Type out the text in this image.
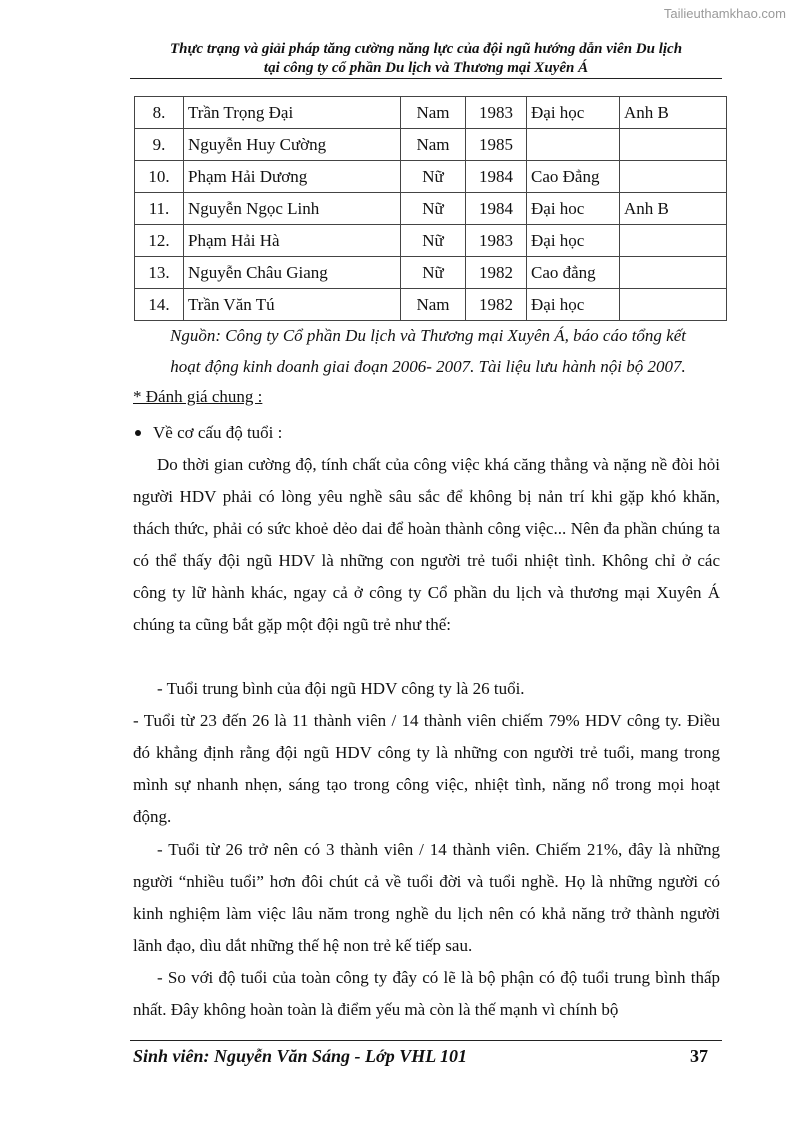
Tailieuthamkhao.com
Thực trạng và giải pháp tăng cường năng lực của đội ngũ hướng dẫn viên Du lịch
tại công ty cổ phần Du lịch và Thương mại Xuyên Á
8.	Trần Trọng Đại	Nam	1983	Đại học	Anh B
9.	Nguyễn Huy Cường	Nam	1985		
10.	Phạm Hải Dương	Nữ	1984	Cao Đẳng	
11.	Nguyễn Ngọc Linh	Nữ	1984	Đại hoc	Anh B
12.	Phạm Hải Hà	Nữ	1983	Đại học	
13.	Nguyễn Châu Giang	Nữ	1982	Cao đẳng	
14.	Trần Văn Tú	Nam	1982	Đại học	
Nguồn: Công ty Cổ phần Du lịch và Thương mại Xuyên Á, báo cáo tổng kết
hoạt động kinh doanh giai đoạn 2006- 2007. Tài liệu lưu hành nội bộ 2007.
* Đánh giá chung :
Về cơ cấu độ tuổi :

Do thời gian cường độ, tính chất của công việc khá căng thẳng và nặng nề đòi hỏi người HDV phải có lòng yêu nghề sâu sắc để không bị nản trí khi gặp khó khăn, thách thức, phải có sức khoẻ dẻo dai để hoàn thành công việc... Nên đa phần chúng ta có thể thấy đội ngũ HDV là những con người trẻ tuổi nhiệt tình. Không chỉ ở các công ty lữ hành khác, ngay cả ở công ty Cổ phần du lịch và thương mại Xuyên Á chúng ta cũng bắt gặp một đội ngũ trẻ như thế:

- Tuổi trung bình của đội ngũ HDV công ty là 26 tuổi.

- Tuổi từ 23 đến 26 là 11 thành viên / 14 thành viên chiếm 79% HDV công ty. Điều đó khẳng định rằng đội ngũ HDV công ty là những con người trẻ tuổi, mang trong mình sự nhanh nhẹn, sáng tạo trong công việc, nhiệt tình, năng nổ trong mọi hoạt động.

- Tuổi từ 26 trở nên có 3 thành viên / 14 thành viên. Chiếm 21%, đây là những người “nhiều tuổi” hơn đôi chút cả về tuổi đời và tuổi nghề. Họ là những người có kinh nghiệm làm việc lâu năm trong nghề du lịch nên có khả năng trở thành người lãnh đạo, dìu dắt những thế hệ non trẻ kế tiếp sau.

- So với độ tuổi của toàn công ty đây có lẽ là bộ phận có độ tuổi trung bình thấp nhất. Đây không hoàn toàn là điểm yếu mà còn là thế mạnh vì chính bộ

Sinh viên: Nguyễn Văn Sáng - Lớp VHL 101	37
